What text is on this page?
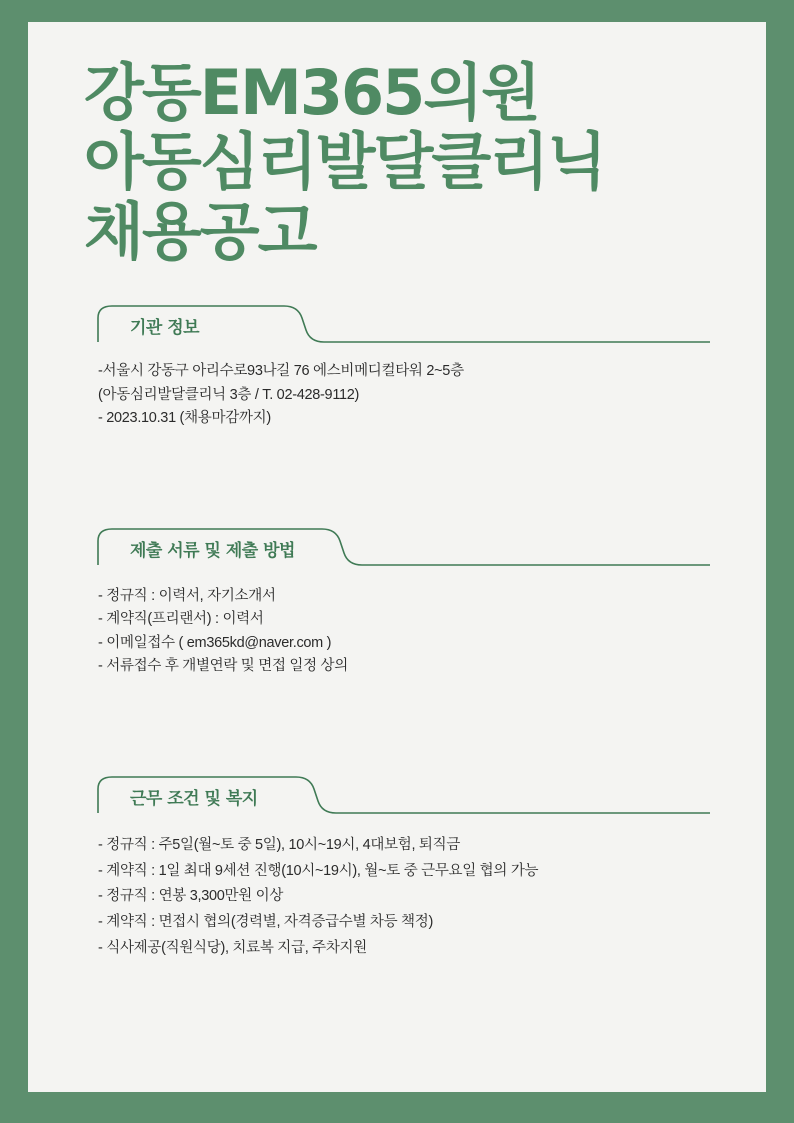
강동EM365의원
아동심리발달클리닉
채용공고
기관 정보
-서울시 강동구 아리수로93나길 76 에스비메디컬타워 2~5층
(아동심리발달클리닉 3층 / T. 02-428-9112)
- 2023.10.31 (채용마감까지)
제출 서류 및 제출 방법
- 정규직 : 이력서, 자기소개서
- 계약직(프리랜서) : 이력서
- 이메일접수 ( em365kd@naver.com )
- 서류접수 후 개별연락 및 면접 일정 상의
근무 조건 및 복지
- 정규직 : 주5일(월~토 중 5일), 10시~19시, 4대보험, 퇴직금
- 계약직 : 1일 최대 9세션 진행(10시~19시), 월~토 중 근무요일 협의 가능
- 정규직 : 연봉 3,300만원 이상
- 계약직 : 면접시 협의(경력별, 자격증급수별 차등 책정)
- 식사제공(직원식당), 치료복 지급, 주차지원
